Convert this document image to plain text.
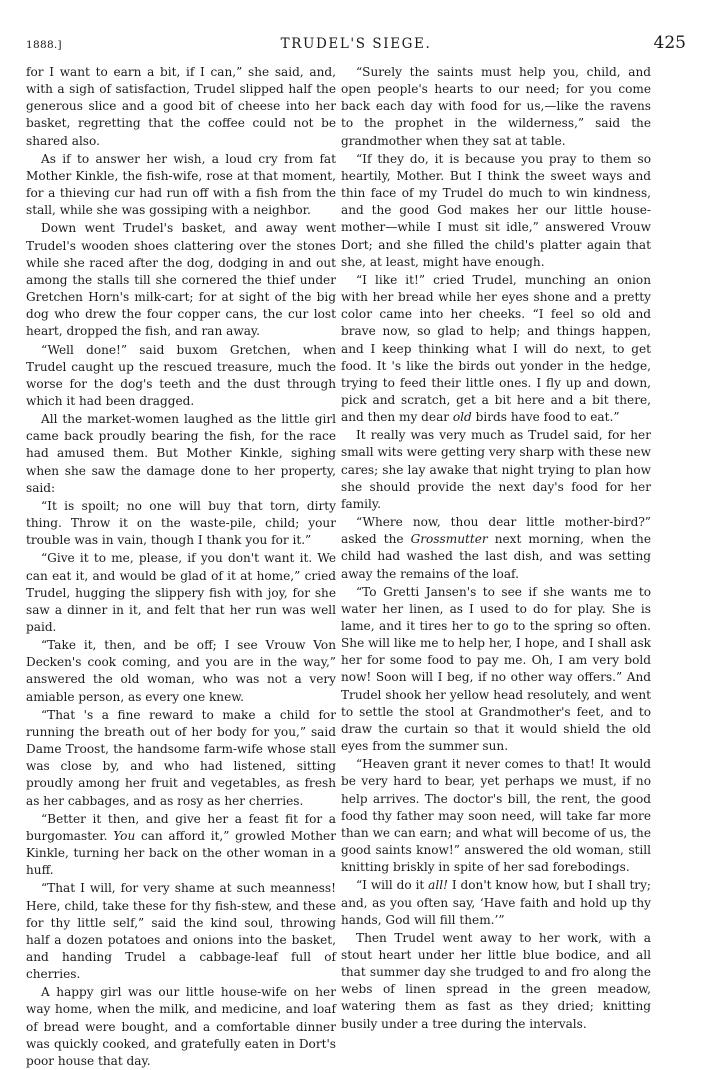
1888.]	TRUDEL'S SIEGE.	425

for I want to earn a bit, if I can,” she said, and, with a sigh of satisfaction, Trudel slipped half the generous slice and a good bit of cheese into her basket, regretting that the coffee could not be shared also.

As if to answer her wish, a loud cry from fat Mother Kinkle, the fish-wife, rose at that moment, for a thieving cur had run off with a fish from the stall, while she was gossiping with a neighbor.

Down went Trudel's basket, and away went Trudel's wooden shoes clattering over the stones while she raced after the dog, dodging in and out among the stalls till she cornered the thief under Gretchen Horn's milk-cart; for at sight of the big dog who drew the four copper cans, the cur lost heart, dropped the fish, and ran away.

“Well done!” said buxom Gretchen, when Trudel caught up the rescued treasure, much the worse for the dog's teeth and the dust through which it had been dragged.

All the market-women laughed as the little girl came back proudly bearing the fish, for the race had amused them. But Mother Kinkle, sighing when she saw the damage done to her property, said:

“It is spoilt; no one will buy that torn, dirty thing. Throw it on the waste-pile, child; your trouble was in vain, though I thank you for it.”

“Give it to me, please, if you don't want it. We can eat it, and would be glad of it at home,” cried Trudel, hugging the slippery fish with joy, for she saw a dinner in it, and felt that her run was well paid.

“Take it, then, and be off; I see Vrouw Von Decken's cook coming, and you are in the way,” answered the old woman, who was not a very amiable person, as every one knew.

“That 's a fine reward to make a child for running the breath out of her body for you,” said Dame Troost, the handsome farm-wife whose stall was close by, and who had listened, sitting proudly among her fruit and vegetables, as fresh as her cabbages, and as rosy as her cherries.

“Better it then, and give her a feast fit for a burgomaster. You can afford it,” growled Mother Kinkle, turning her back on the other woman in a huff.

“That I will, for very shame at such meanness! Here, child, take these for thy fish-stew, and these for thy little self,” said the kind soul, throwing half a dozen potatoes and onions into the basket, and handing Trudel a cabbage-leaf full of cherries.

A happy girl was our little house-wife on her way home, when the milk, and medicine, and loaf of bread were bought, and a comfortable dinner was quickly cooked, and gratefully eaten in Dort's poor house that day.

“Surely the saints must help you, child, and open people's hearts to our need; for you come back each day with food for us,—like the ravens to the prophet in the wilderness,” said the grandmother when they sat at table.

“If they do, it is because you pray to them so heartily, Mother. But I think the sweet ways and thin face of my Trudel do much to win kindness, and the good God makes her our little house-mother—while I must sit idle,” answered Vrouw Dort; and she filled the child's platter again that she, at least, might have enough.

“I like it!” cried Trudel, munching an onion with her bread while her eyes shone and a pretty color came into her cheeks. “I feel so old and brave now, so glad to help; and things happen, and I keep thinking what I will do next, to get food. It 's like the birds out yonder in the hedge, trying to feed their little ones. I fly up and down, pick and scratch, get a bit here and a bit there, and then my dear old birds have food to eat.”

It really was very much as Trudel said, for her small wits were getting very sharp with these new cares; she lay awake that night trying to plan how she should provide the next day's food for her family.

“Where now, thou dear little mother-bird?” asked the Grossmutter next morning, when the child had washed the last dish, and was setting away the remains of the loaf.

“To Gretti Jansen's to see if she wants me to water her linen, as I used to do for play. She is lame, and it tires her to go to the spring so often. She will like me to help her, I hope, and I shall ask her for some food to pay me. Oh, I am very bold now! Soon will I beg, if no other way offers.” And Trudel shook her yellow head resolutely, and went to settle the stool at Grandmother's feet, and to draw the curtain so that it would shield the old eyes from the summer sun.

“Heaven grant it never comes to that! It would be very hard to bear, yet perhaps we must, if no help arrives. The doctor's bill, the rent, the good food thy father may soon need, will take far more than we can earn; and what will become of us, the good saints know!” answered the old woman, still knitting briskly in spite of her sad forebodings.

“I will do it all! I don't know how, but I shall try; and, as you often say, ‘Have faith and hold up thy hands, God will fill them.’”

Then Trudel went away to her work, with a stout heart under her little blue bodice, and all that summer day she trudged to and fro along the webs of linen spread in the green meadow, watering them as fast as they dried; knitting busily under a tree during the intervals.
